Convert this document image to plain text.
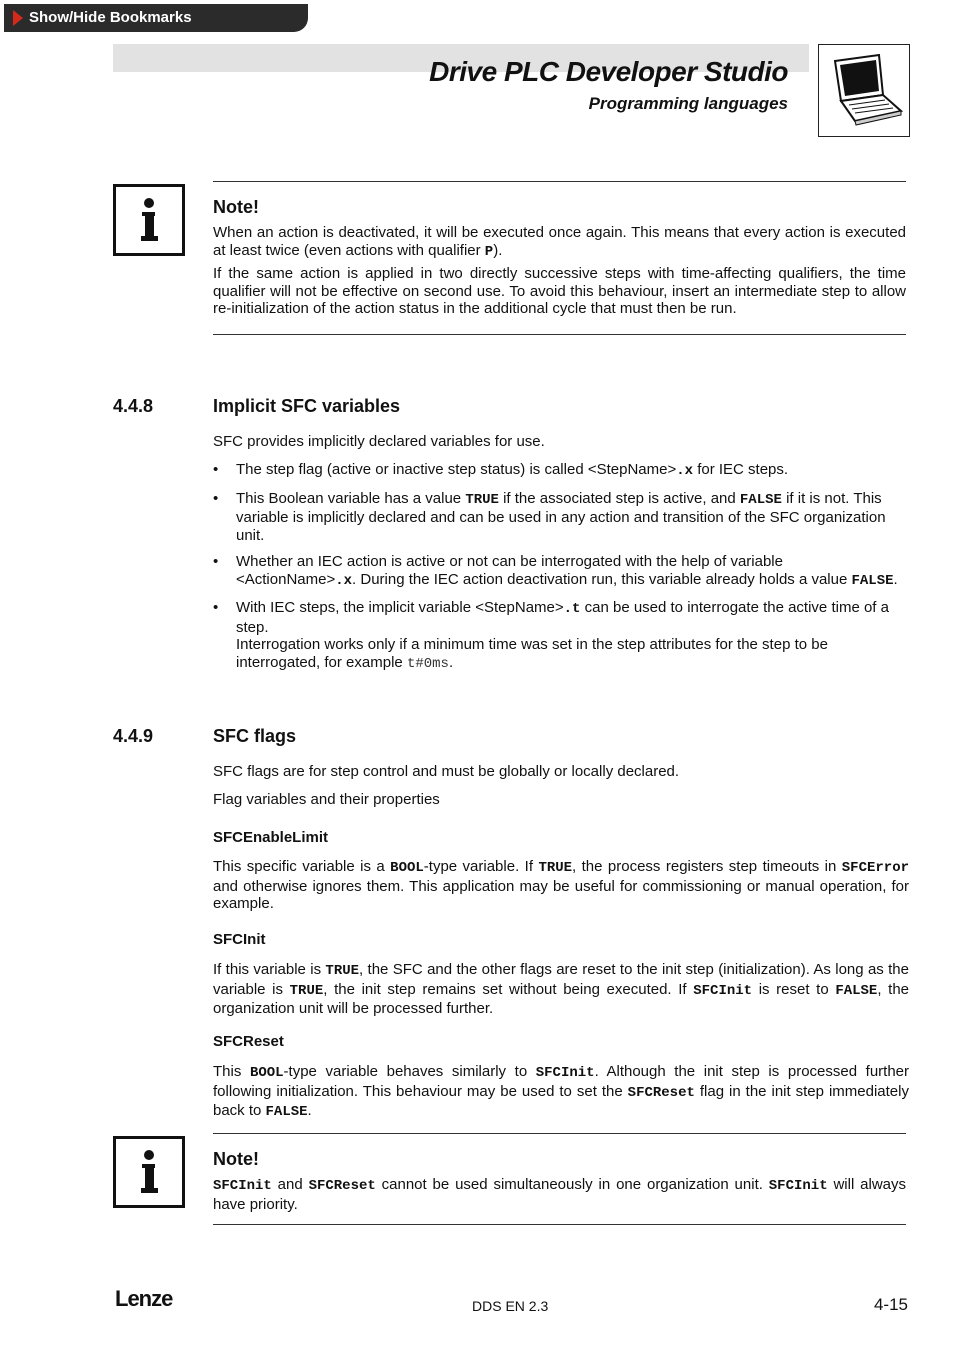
Show/Hide Bookmarks
Drive PLC Developer Studio
Programming languages
Note!
When an action is deactivated, it will be executed once again. This means that every action is executed at least twice (even actions with qualifier P).
If the same action is applied in two directly successive steps with time-affecting qualifiers, the time qualifier will not be effective on second use. To avoid this behaviour, insert an intermediate step to allow re-initialization of the action status in the additional cycle that must then be run.
4.4.8	Implicit SFC variables
SFC provides implicitly declared variables for use.
• The step flag (active or inactive step status) is called <StepName>.x for IEC steps.
• This Boolean variable has a value TRUE if the associated step is active, and FALSE if it is not. This variable is implicitly declared and can be used in any action and transition of the SFC organization unit.
• Whether an IEC action is active or not can be interrogated with the help of variable <ActionName>.x. During the IEC action deactivation run, this variable already holds a value FALSE.
• With IEC steps, the implicit variable <StepName>.t can be used to interrogate the active time of a step.
Interrogation works only if a minimum time was set in the step attributes for the step to be interrogated, for example t#0ms.
4.4.9	SFC flags
SFC flags are for step control and must be globally or locally declared.
Flag variables and their properties
SFCEnableLimit
This specific variable is a BOOL-type variable. If TRUE, the process registers step timeouts in SFCError and otherwise ignores them. This application may be useful for commissioning or manual operation, for example.
SFCInit
If this variable is TRUE, the SFC and the other flags are reset to the init step (initialization). As long as the variable is TRUE, the init step remains set without being executed. If SFCInit is reset to FALSE, the organization unit will be processed further.
SFCReset
This BOOL-type variable behaves similarly to SFCInit. Although the init step is processed further following initialization. This behaviour may be used to set the SFCReset flag in the init step immediately back to FALSE.
Note!
SFCInit and SFCReset cannot be used simultaneously in one organization unit. SFCInit will always have priority.
Lenze	DDS EN 2.3	4-15
